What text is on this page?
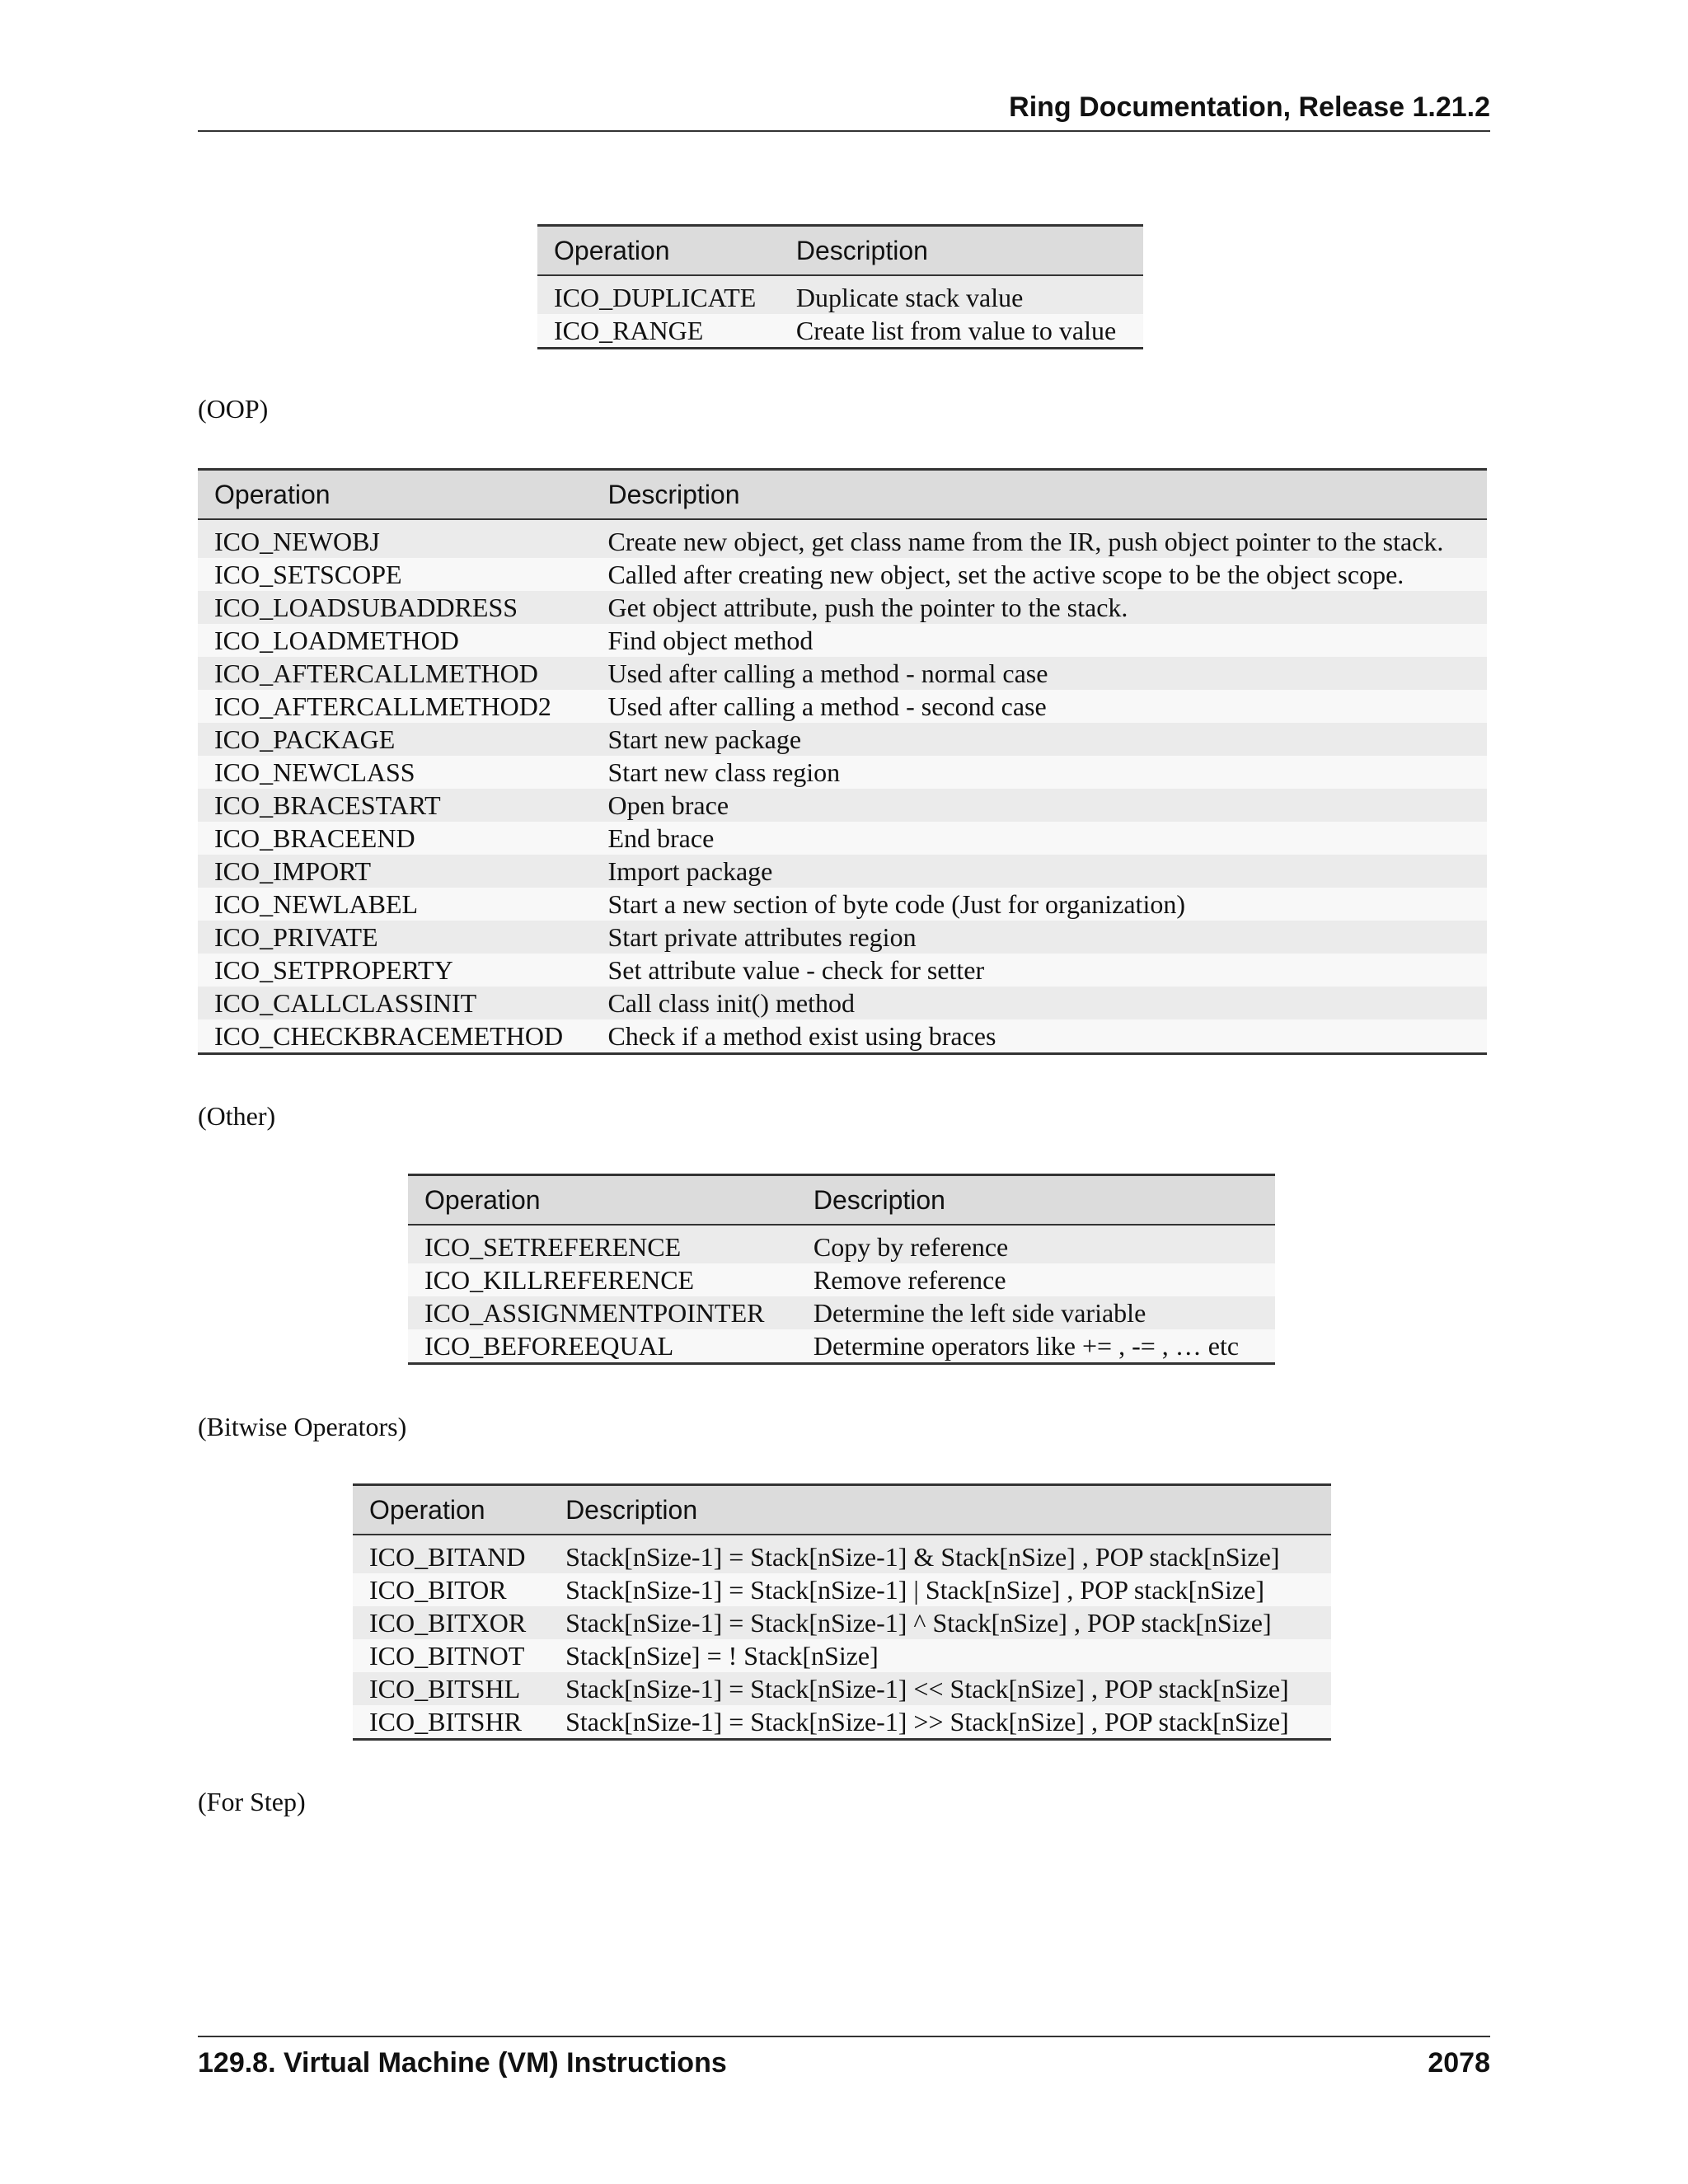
Ring Documentation, Release 1.21.2
Operation	Description
ICO_DUPLICATE	Duplicate stack value
ICO_RANGE	Create list from value to value
(OOP)
Operation	Description
ICO_NEWOBJ	Create new object, get class name from the IR, push object pointer to the stack.
ICO_SETSCOPE	Called after creating new object, set the active scope to be the object scope.
ICO_LOADSUBADDRESS	Get object attribute, push the pointer to the stack.
ICO_LOADMETHOD	Find object method
ICO_AFTERCALLMETHOD	Used after calling a method - normal case
ICO_AFTERCALLMETHOD2	Used after calling a method - second case
ICO_PACKAGE	Start new package
ICO_NEWCLASS	Start new class region
ICO_BRACESTART	Open brace
ICO_BRACEEND	End brace
ICO_IMPORT	Import package
ICO_NEWLABEL	Start a new section of byte code (Just for organization)
ICO_PRIVATE	Start private attributes region
ICO_SETPROPERTY	Set attribute value - check for setter
ICO_CALLCLASSINIT	Call class init() method
ICO_CHECKBRACEMETHOD	Check if a method exist using braces
(Other)
Operation	Description
ICO_SETREFERENCE	Copy by reference
ICO_KILLREFERENCE	Remove reference
ICO_ASSIGNMENTPOINTER	Determine the left side variable
ICO_BEFOREEQUAL	Determine operators like += , -= , … etc
(Bitwise Operators)
Operation	Description
ICO_BITAND	Stack[nSize-1] = Stack[nSize-1] & Stack[nSize] , POP stack[nSize]
ICO_BITOR	Stack[nSize-1] = Stack[nSize-1] | Stack[nSize] , POP stack[nSize]
ICO_BITXOR	Stack[nSize-1] = Stack[nSize-1] ^ Stack[nSize] , POP stack[nSize]
ICO_BITNOT	Stack[nSize] = ! Stack[nSize]
ICO_BITSHL	Stack[nSize-1] = Stack[nSize-1] << Stack[nSize] , POP stack[nSize]
ICO_BITSHR	Stack[nSize-1] = Stack[nSize-1] >> Stack[nSize] , POP stack[nSize]
(For Step)
129.8. Virtual Machine (VM) Instructions	2078
